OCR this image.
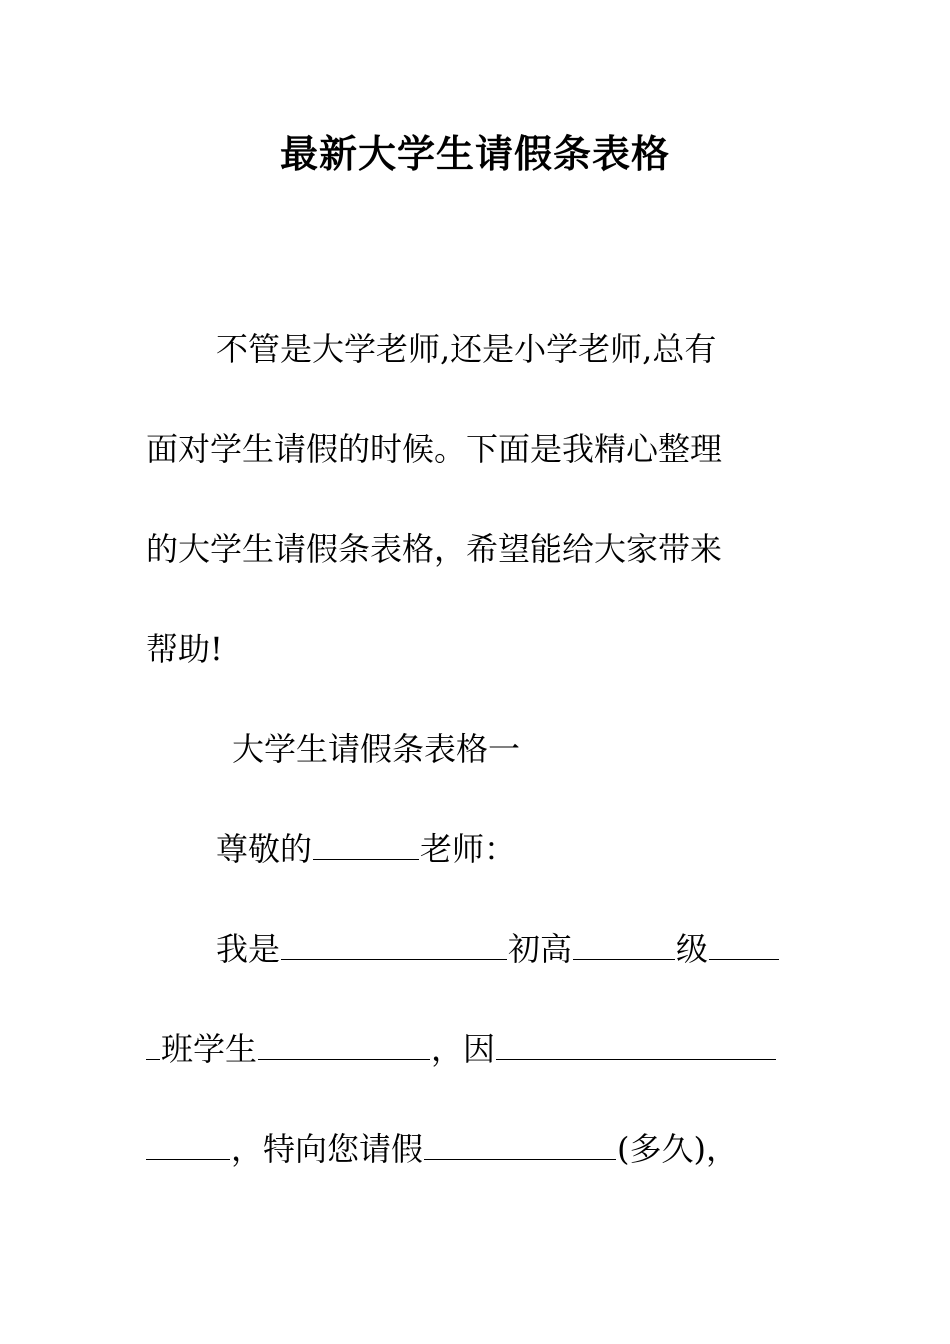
最新大学生请假条表格
不管是大学老师,还是小学老师,总有
面对学生请假的时候。下面是我精心整理
的大学生请假条表格，希望能给大家带来
帮助!
大学生请假条表格一
尊敬的	老师：
我是	初高	级
班学生	，因
，特向您请假	(多久)，
